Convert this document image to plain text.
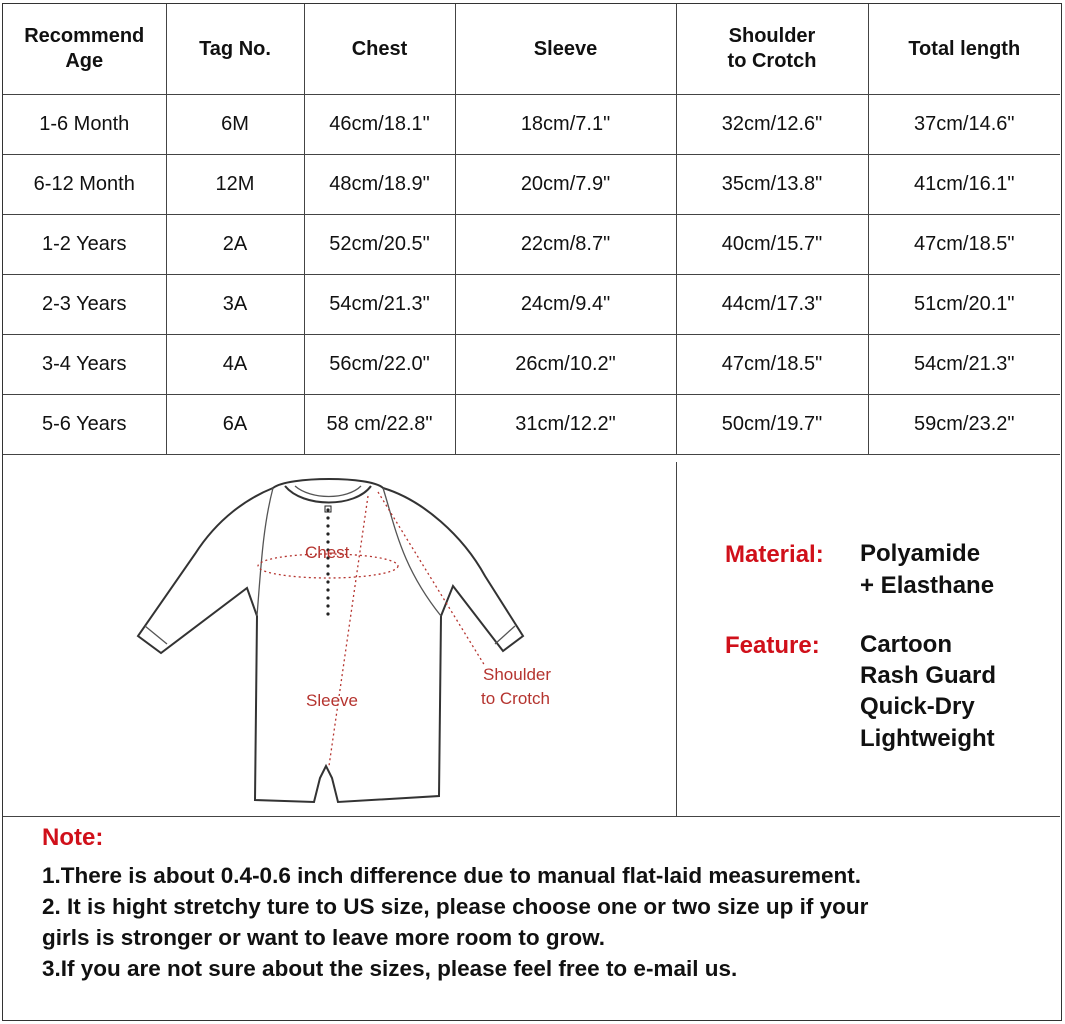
Recommend Age	Tag No.	Chest	Sleeve	Shoulder to Crotch	Total length
1-6 Month	6M	46cm/18.1"	18cm/7.1"	32cm/12.6"	37cm/14.6"
6-12 Month	12M	48cm/18.9"	20cm/7.9"	35cm/13.8"	41cm/16.1"
1-2 Years	2A	52cm/20.5"	22cm/8.7"	40cm/15.7"	47cm/18.5"
2-3 Years	3A	54cm/21.3"	24cm/9.4"	44cm/17.3"	51cm/20.1"
3-4 Years	4A	56cm/22.0"	26cm/10.2"	47cm/18.5"	54cm/21.3"
5-6 Years	6A	58 cm/22.8"	31cm/12.2"	50cm/19.7"	59cm/23.2"
Chest
Sleeve
Shoulder
to Crotch
Material: Polyamide
+ Elasthane
Feature: Cartoon
Rash Guard
Quick-Dry
Lightweight

Note:

1.There is about 0.4-0.6 inch difference due to manual flat-laid measurement.

2. It is hight stretchy ture to US size, please choose one or two size up if your

girls is stronger or want to leave more room to grow.

3.If you are not sure about the sizes, please feel free to e-mail us.
